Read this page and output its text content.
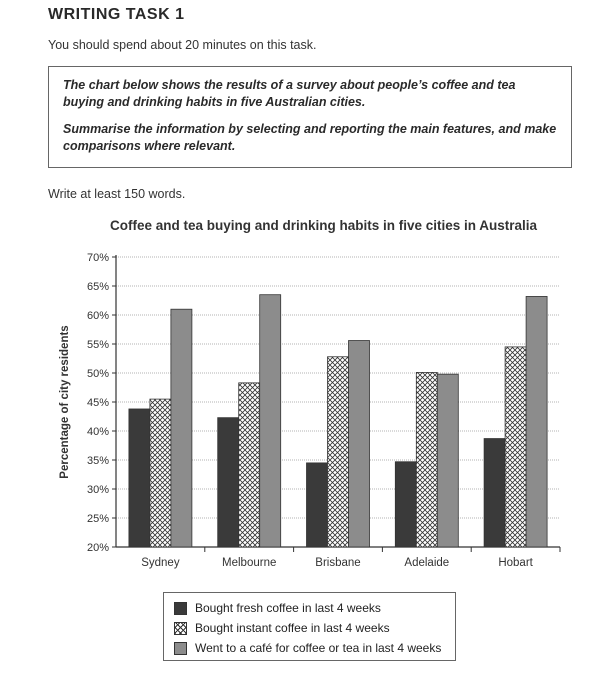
WRITING TASK 1
You should spend about 20 minutes on this task.

The chart below shows the results of a survey about people’s coffee and tea buying and drinking habits in five Australian cities.

Summarise the information by selecting and reporting the main features, and make comparisons where relevant.

Write at least 150 words.
Coffee and tea buying and drinking habits in five cities in Australia
20%
25%
30%
35%
40%
45%
50%
55%
60%
65%
70%
Sydney	Melbourne	Brisbane	Adelaide	Hobart
Percentage of city residents
Bought fresh coffee in last 4 weeks
Bought instant coffee in last 4 weeks
Went to a café for coffee or tea in last 4 weeks
